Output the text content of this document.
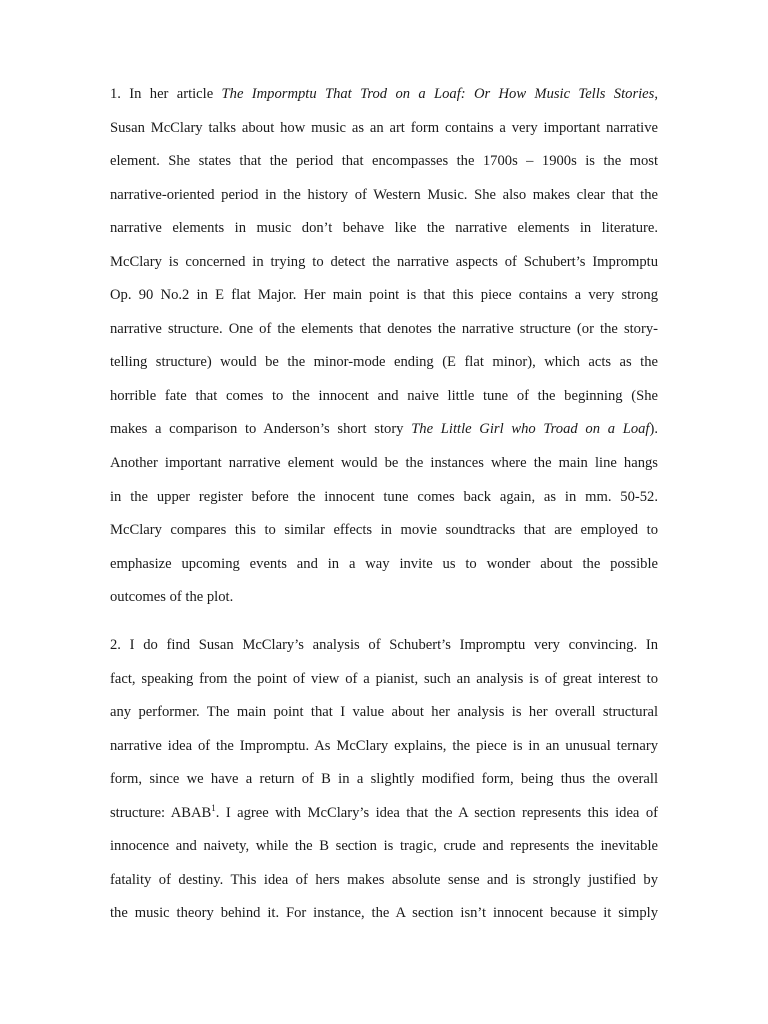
1. In her article The Impormptu That Trod on a Loaf: Or How Music Tells Stories,
Susan McClary talks about how music as an art form contains a very important narrative
element. She states that the period that encompasses the 1700s – 1900s is the most
narrative-oriented period in the history of Western Music. She also makes clear that the
narrative elements in music don’t behave like the narrative elements in literature.
McClary is concerned in trying to detect the narrative aspects of Schubert’s Impromptu
Op. 90 No.2 in E flat Major. Her main point is that this piece contains a very strong
narrative structure. One of the elements that denotes the narrative structure (or the story-
telling structure) would be the minor-mode ending (E flat minor), which acts as the
horrible fate that comes to the innocent and naive little tune of the beginning (She
makes a comparison to Anderson’s short story The Little Girl who Troad on a Loaf).
Another important narrative element would be the instances where the main line hangs
in the upper register before the innocent tune comes back again, as in mm. 50-52.
McClary compares this to similar effects in movie soundtracks that are employed to
emphasize upcoming events and in a way invite us to wonder about the possible
outcomes of the plot.
2. I do find Susan McClary’s analysis of Schubert’s Impromptu very convincing. In
fact, speaking from the point of view of a pianist, such an analysis is of great interest to
any performer. The main point that I value about her analysis is her overall structural
narrative idea of the Impromptu. As McClary explains, the piece is in an unusual ternary
form, since we have a return of B in a slightly modified form, being thus the overall
structure: ABAB$^1$. I agree with McClary’s idea that the A section represents this idea of
innocence and naivety, while the B section is tragic, crude and represents the inevitable
fatality of destiny. This idea of hers makes absolute sense and is strongly justified by
the music theory behind it. For instance, the A section isn’t innocent because it simply
